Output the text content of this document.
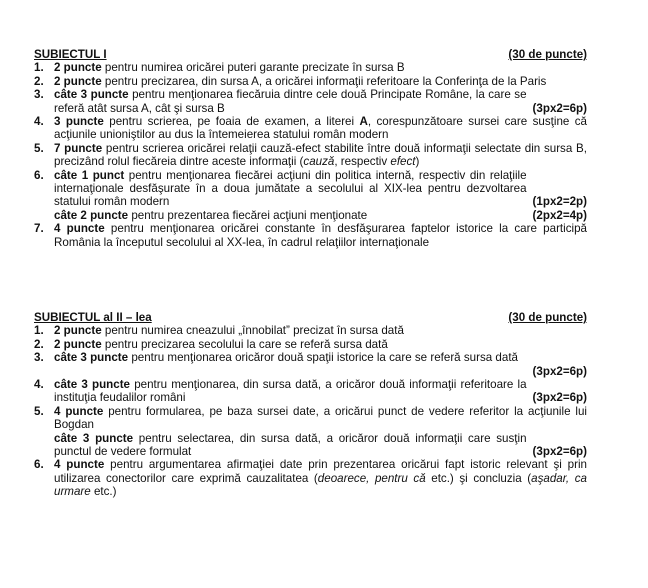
SUBIECTUL I	(30 de puncte)
1. 2 puncte pentru numirea oricărei puteri garante precizate în sursa B
2. 2 puncte pentru precizarea, din sursa A, a oricărei informaţii referitoare la Conferinţa de la Paris
3. câte 3 puncte pentru menţionarea fiecăruia dintre cele două Principate Române, la care se referă atât sursa A, cât şi sursa B	(3px2=6p)
4. 3 puncte pentru scrierea, pe foaia de examen, a literei A, corespunzătoare sursei care susţine că acţiunile unioniştilor au dus la întemeierea statului român modern
5. 7 puncte pentru scrierea oricărei relaţii cauză-efect stabilite între două informaţii selectate din sursa B, precizând rolul fiecăreia dintre aceste informaţii (cauză, respectiv efect)
6. câte 1 punct pentru menţionarea fiecărei acţiuni din politica internă, respectiv din relaţiile internaţionale desfăşurate în a doua jumătate a secolului al XIX-lea pentru dezvoltarea statului român modern	(1px2=2p)
câte 2 puncte pentru prezentarea fiecărei acţiuni menţionate	(2px2=4p)
7. 4 puncte pentru menţionarea oricărei constante în desfăşurarea faptelor istorice la care participă România la începutul secolului al XX-lea, în cadrul relaţiilor internaţionale
SUBIECTUL al II – lea	(30 de puncte)
1. 2 puncte pentru numirea cneazului „înnobilat” precizat în sursa dată
2. 2 puncte pentru precizarea secolului la care se referă sursa dată
3. câte 3 puncte pentru menţionarea oricăror două spaţii istorice la care se referă sursa dată
(3px2=6p)
4. câte 3 puncte pentru menţionarea, din sursa dată, a oricăror două informaţii referitoare la instituţia feudalilor români	(3px2=6p)
5. 4 puncte pentru formularea, pe baza sursei date, a oricărui punct de vedere referitor la acţiunile lui Bogdan
câte 3 puncte pentru selectarea, din sursa dată, a oricăror două informaţii care susţin punctul de vedere formulat	(3px2=6p)
6. 4 puncte pentru argumentarea afirmaţiei date prin prezentarea oricărui fapt istoric relevant şi prin utilizarea conectorilor care exprimă cauzalitatea (deoarece, pentru că etc.) şi concluzia (aşadar, ca urmare etc.)
